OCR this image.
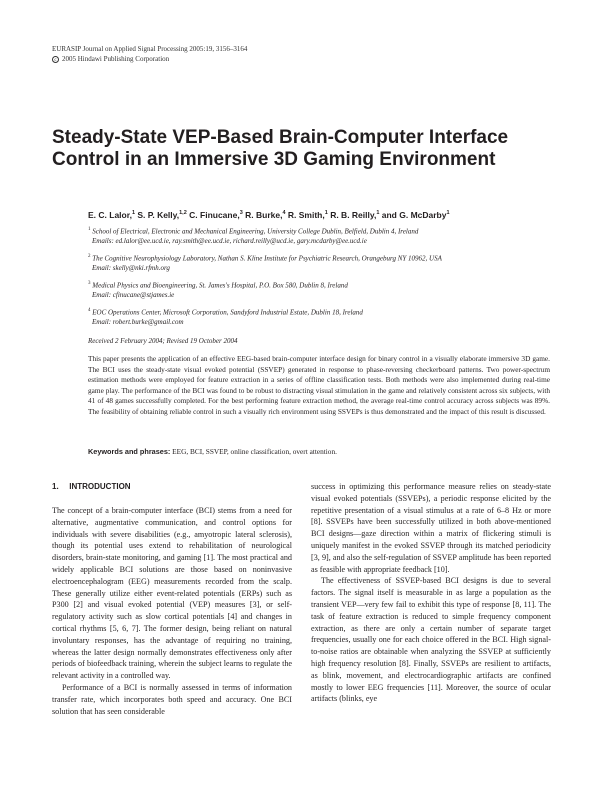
EURASIP Journal on Applied Signal Processing 2005:19, 3156–3164
c 2005 Hindawi Publishing Corporation
Steady-State VEP-Based Brain-Computer Interface
Control in an Immersive 3D Gaming Environment
E. C. Lalor,$^1$ S. P. Kelly,$^{1,2}$ C. Finucane,$^3$ R. Burke,$^4$ R. Smith,$^1$ R. B. Reilly,$^1$ and G. McDarby$^1$
$^1$ School of Electrical, Electronic and Mechanical Engineering, University College Dublin, Belfield, Dublin 4, Ireland
Emails: ed.lalor@ee.ucd.ie, ray.smith@ee.ucd.ie, richard.reilly@ucd.ie, gary.mcdarby@ee.ucd.ie
$^2$ The Cognitive Neurophysiology Laboratory, Nathan S. Kline Institute for Psychiatric Research, Orangeburg NY 10962, USA
Email: skelly@nki.rfmh.org
$^3$ Medical Physics and Bioengineering, St. James's Hospital, P.O. Box 580, Dublin 8, Ireland
Email: cfinucane@stjames.ie
$^4$ EOC Operations Center, Microsoft Corporation, Sandyford Industrial Estate, Dublin 18, Ireland
Email: robert.burke@gmail.com
Received 2 February 2004; Revised 19 October 2004
This paper presents the application of an effective EEG-based brain-computer interface design for binary control in a visually elaborate immersive 3D game. The BCI uses the steady-state visual evoked potential (SSVEP) generated in response to phase-reversing checkerboard patterns. Two power-spectrum estimation methods were employed for feature extraction in a series of offline classification tests. Both methods were also implemented during real-time game play. The performance of the BCI was found to be robust to distracting visual stimulation in the game and relatively consistent across six subjects, with 41 of 48 games successfully completed. For the best performing feature extraction method, the average real-time control accuracy across subjects was 89%. The feasibility of obtaining reliable control in such a visually rich environment using SSVEPs is thus demonstrated and the impact of this result is discussed.
Keywords and phrases: EEG, BCI, SSVEP, online classification, overt attention.
1. INTRODUCTION

The concept of a brain-computer interface (BCI) stems from a need for alternative, augmentative communication, and control options for individuals with severe disabilities (e.g., amyotropic lateral sclerosis), though its potential uses extend to rehabilitation of neurological disorders, brain-state monitoring, and gaming [1]. The most practical and widely applicable BCI solutions are those based on noninvasive electroencephalogram (EEG) measurements recorded from the scalp. These generally utilize either event-related potentials (ERPs) such as P300 [2] and visual evoked potential (VEP) measures [3], or self-regulatory activity such as slow cortical potentials [4] and changes in cortical rhythms [5, 6, 7]. The former design, being reliant on natural involuntary responses, has the advantage of requiring no training, whereas the latter design normally demonstrates effectiveness only after periods of biofeedback training, wherein the subject learns to regulate the relevant activity in a controlled way.

Performance of a BCI is normally assessed in terms of information transfer rate, which incorporates both speed and accuracy. One BCI solution that has seen considerable

success in optimizing this performance measure relies on steady-state visual evoked potentials (SSVEPs), a periodic response elicited by the repetitive presentation of a visual stimulus at a rate of 6–8 Hz or more [8]. SSVEPs have been successfully utilized in both above-mentioned BCI designs—gaze direction within a matrix of flickering stimuli is uniquely manifest in the evoked SSVEP through its matched periodicity [3, 9], and also the self-regulation of SSVEP amplitude has been reported as feasible with appropriate feedback [10].

The effectiveness of SSVEP-based BCI designs is due to several factors. The signal itself is measurable in as large a population as the transient VEP—very few fail to exhibit this type of response [8, 11]. The task of feature extraction is reduced to simple frequency component extraction, as there are only a certain number of separate target frequencies, usually one for each choice offered in the BCI. High signal-to-noise ratios are obtainable when analyzing the SSVEP at sufficiently high frequency resolution [8]. Finally, SSVEPs are resilient to artifacts, as blink, movement, and electrocardiographic artifacts are confined mostly to lower EEG frequencies [11]. Moreover, the source of ocular artifacts (blinks, eye
